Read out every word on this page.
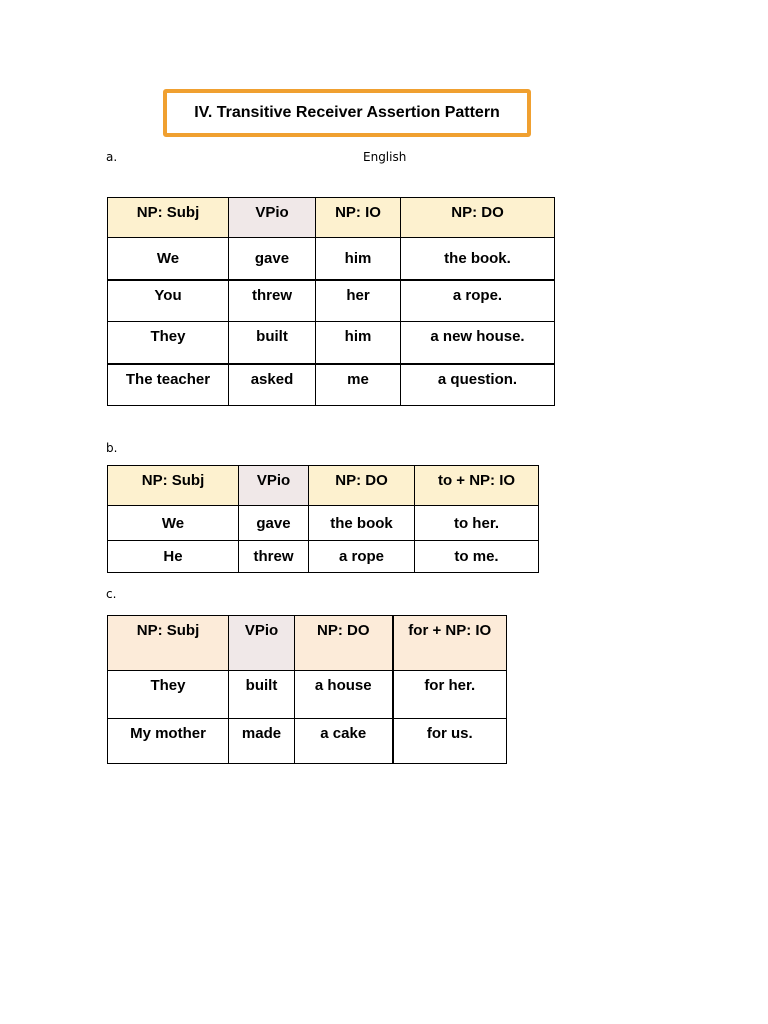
IV. Transitive Receiver Assertion Pattern
a.	English
NP: Subj	VPio	NP: IO	NP: DO
We	gave	him	the book.
You	threw	her	a rope.
They	built	him	a new house.
The teacher	asked	me	a question.
b.
NP: Subj	VPio	NP: DO	to + NP: IO
We	gave	the book	to her.
He	threw	a rope	to me.
c.
NP: Subj	VPio	NP: DO	for + NP: IO
They	built	a house	for her.
My mother	made	a cake	for us.
